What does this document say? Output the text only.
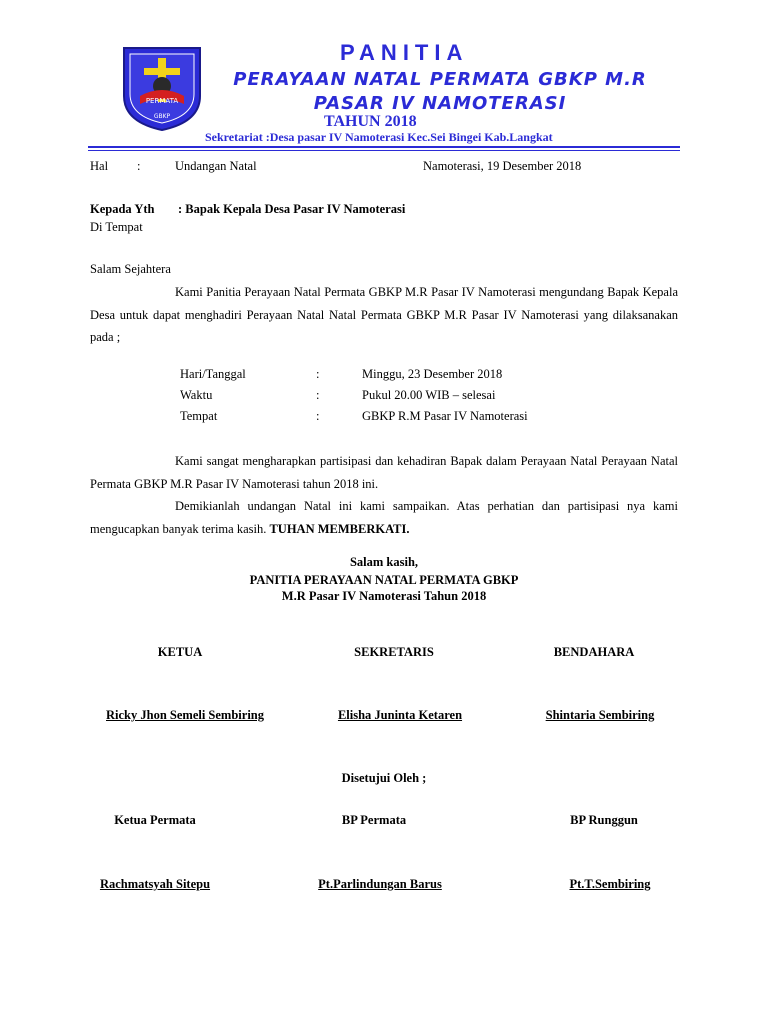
PERMATA
GBKP
PANITIA
PERAYAAN NATAL PERMATA GBKP M.R PASAR IV NAMOTERASI
TAHUN 2018
Sekretariat :Desa pasar IV Namoterasi Kec.Sei Bingei Kab.Langkat
Hal :	Undangan Natal	Namoterasi, 19 Desember 2018
Kepada Yth : Bapak Kepala Desa Pasar IV Namoterasi
Di Tempat
Salam Sejahtera

Kami Panitia Perayaan Natal Permata GBKP M.R Pasar IV Namoterasi mengundang Bapak Kepala Desa untuk dapat menghadiri Perayaan Natal Natal Permata GBKP M.R Pasar IV Namoterasi yang dilaksanakan pada ;

Hari/Tanggal	:	Minggu, 23 Desember 2018
Waktu	:	Pukul 20.00 WIB – selesai
Tempat	:	GBKP R.M Pasar IV Namoterasi

Kami sangat mengharapkan partisipasi dan kehadiran Bapak dalam Perayaan Natal Perayaan Natal Permata GBKP M.R Pasar IV Namoterasi tahun 2018 ini.

Demikianlah undangan Natal ini kami sampaikan. Atas perhatian dan partisipasi nya kami mengucapkan banyak terima kasih. TUHAN MEMBERKATI.

Salam kasih,
PANITIA PERAYAAN NATAL PERMATA GBKP
M.R Pasar IV Namoterasi Tahun 2018
KETUA	SEKRETARIS	BENDAHARA
Ricky Jhon Semeli Sembiring	Elisha Juninta Ketaren	Shintaria Sembiring
Disetujui Oleh ;
Ketua Permata	BP Permata	BP Runggun
Rachmatsyah Sitepu	Pt.Parlindungan Barus	Pt.T.Sembiring
